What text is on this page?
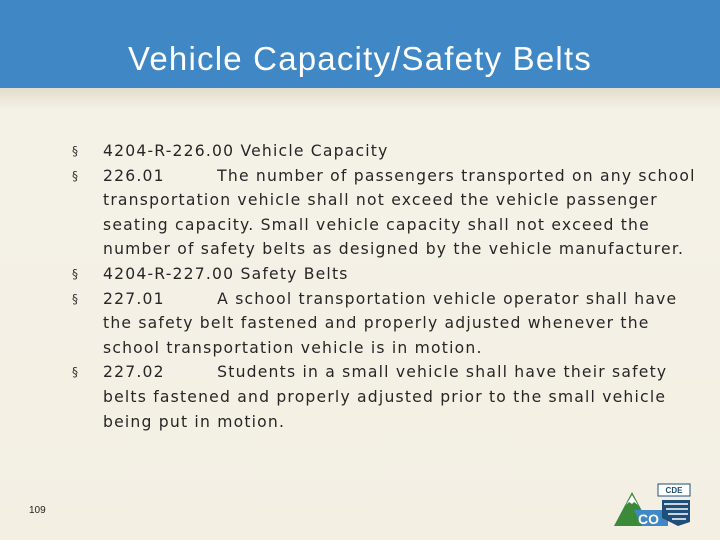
Vehicle Capacity/Safety Belts
§ 4204-R-226.00 Vehicle Capacity
§ 226.01	The number of passengers transported on any school transportation vehicle shall not exceed the vehicle passenger seating capacity. Small vehicle capacity shall not exceed the number of safety belts as designed by the vehicle manufacturer.
§ 4204-R-227.00 Safety Belts
§ 227.01	A school transportation vehicle operator shall have the safety belt fastened and properly adjusted whenever the school transportation vehicle is in motion.
§ 227.02	Students in a small vehicle shall have their safety belts fastened and properly adjusted prior to the small vehicle being put in motion.
109
CDE
CO
